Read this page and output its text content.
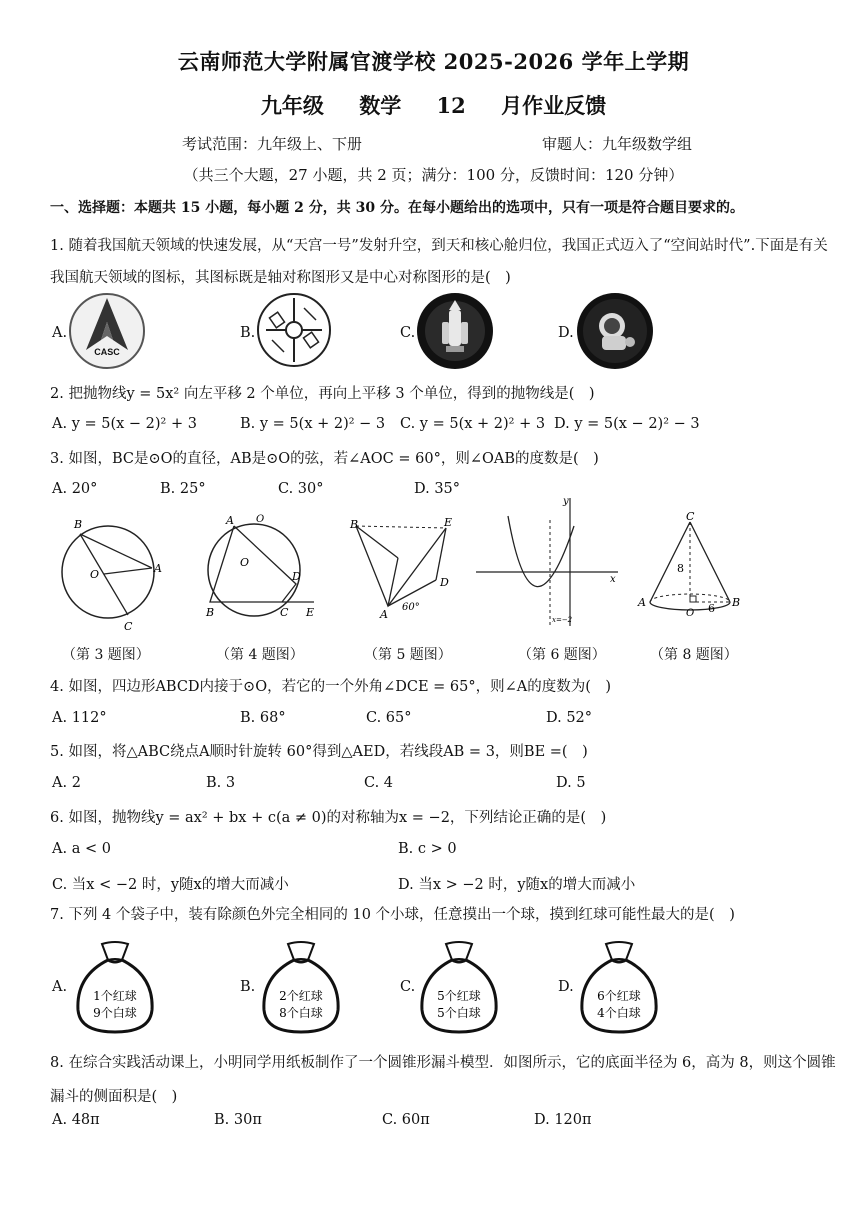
云南师范大学附属官渡学校 2025-2026 学年上学期
九年级 数学 12 月作业反馈
考试范围：九年级上、下册	审题人：九年级数学组
（共三个大题，27 小题，共 2 页；满分：100 分，反馈时间：120 分钟）
一、选择题：本题共 15 小题，每小题 2 分，共 30 分。在每小题给出的选项中，只有一项是符合题目要求的。
1. 随着我国航天领域的快速发展，从“天宫一号”发射升空，到天和核心舱归位，我国正式迈入了“空间站时代”.下面是有关我国航天领域的图标，其图标既是轴对称图形又是中心对称图形的是(　)
A.
CASC
B.	C.	D.
2. 把抛物线y = 5x² 向左平移 2 个单位，再向上平移 3 个单位，得到的抛物线是(　)
A. y = 5(x − 2)² + 3	B. y = 5(x + 2)² − 3 C. y = 5(x + 2)² + 3 D. y = 5(x − 2)² − 3
3. 如图，BC是⊙O的直径，AB是⊙O的弦，若∠AOC = 60°，则∠OAB的度数是(　)
A. 20°	B. 25°	C. 30°	D. 35°
B
O	A
C
A
O
O
D
B	C E
B	E
D
A
60°
y
x
x=−2
C
8
A
O 6 B
（第 3 题图）	（第 4 题图）	（第 5 题图）	（第 6 题图）	（第 8 题图）
4. 如图，四边形ABCD内接于⊙O，若它的一个外角∠DCE = 65°，则∠A的度数为(　)
A. 112°	B. 68°	C. 65°	D. 52°
5. 如图，将△ABC绕点A顺时针旋转 60°得到△AED，若线段AB = 3，则BE =(　)
A. 2	B. 3	C. 4	D. 5
6. 如图，抛物线y = ax² + bx + c(a ≠ 0)的对称轴为x = −2，下列结论正确的是(　)
A. a < 0	B. c > 0
C. 当x < −2 时，y随x的增大而减小	D. 当x > −2 时，y随x的增大而减小
7. 下列 4 个袋子中，装有除颜色外完全相同的 10 个小球，任意摸出一个球，摸到红球可能性最大的是(　)
A.	B.	C.	D.
1个红球
9个白球
2个红球
8个白球
5个红球
5个白球
6个红球
4个白球
8. 在综合实践活动课上，小明同学用纸板制作了一个圆锥形漏斗模型．如图所示，它的底面半径为 6，高为 8，则这个圆锥漏斗的侧面积是(　)
A. 48π	B. 30π	C. 60π	D. 120π
